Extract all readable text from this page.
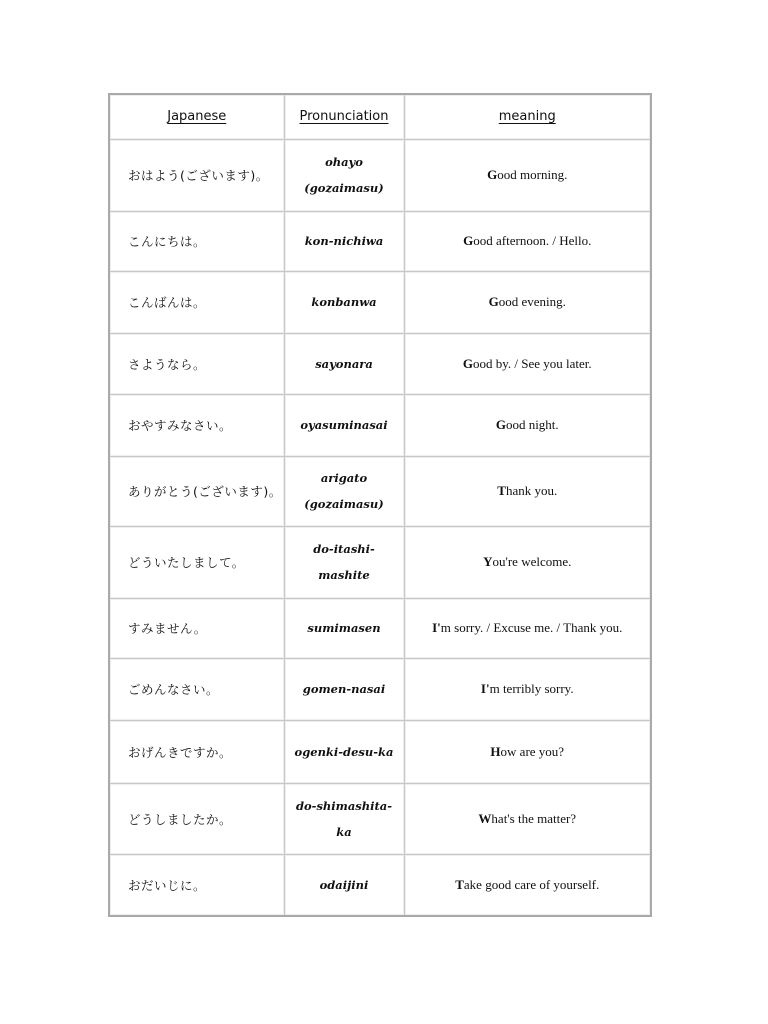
Japanese	Pronunciation	meaning
おはよう(ございます)。	ohayo (gozaimasu)	Good morning.
こんにちは。	kon-nichiwa	Good afternoon. / Hello.
こんばんは。	konbanwa	Good evening.
さようなら。	sayonara	Good by. / See you later.
おやすみなさい。	oyasuminasai	Good night.
ありがとう(ございます)。	arigato (gozaimasu)	Thank you.
どういたしまして。	do-itashi-mashite	You're welcome.
すみません。	sumimasen	I'm sorry. / Excuse me. / Thank you.
ごめんなさい。	gomen-nasai	I'm terribly sorry.
おげんきですか。	ogenki-desu-ka	How are you?
どうしましたか。	do-shimashita-ka	What's the matter?
おだいじに。	odaijini	Take good care of yourself.
